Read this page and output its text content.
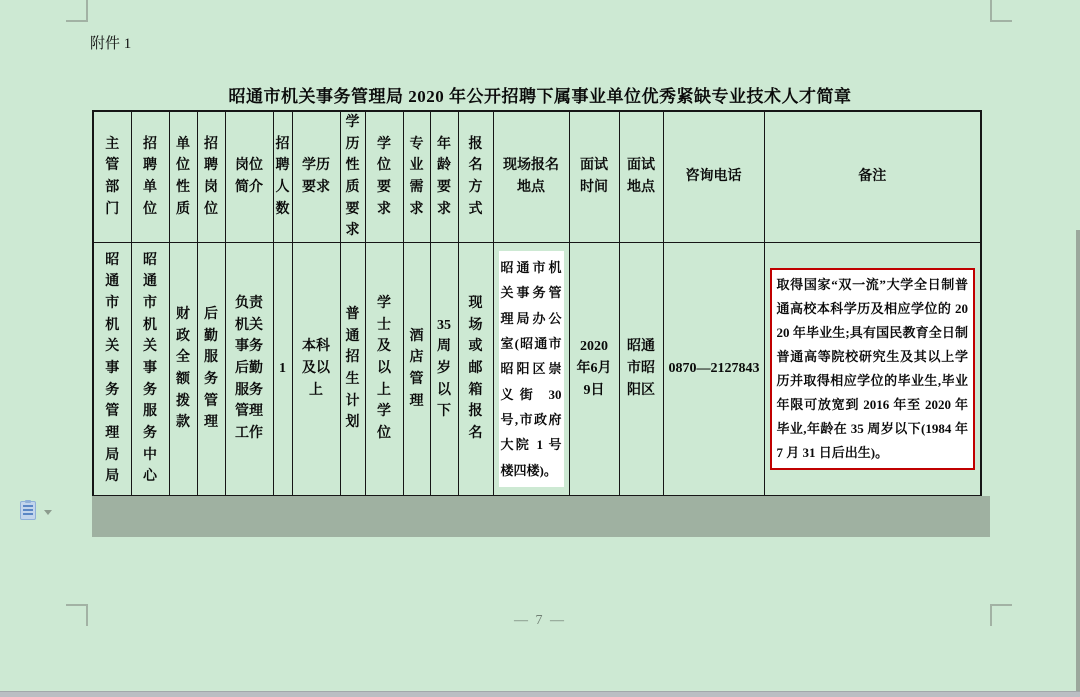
附件 1
昭通市机关事务管理局 2020 年公开招聘下属事业单位优秀紧缺专业技术人才简章
主管部门	招聘单位	单位性质	招聘岗位	岗位简介	招聘人数	学历要求	学历性质要求	学位要求	专业需求	年龄要求	报名方式	现场报名地点	面试时间	面试地点	咨询电话	备注
昭通市机关事务管理局局	昭通市机关事务服务中心	财政全额拨款	后勤服务管理	负责机关事务后勤服务管理工作	1	本科及以上	普通招生计划	学士及以上学位	酒店管理	35周岁以下	现场或邮箱报名	昭通市机关事务管理局办公室(昭通市昭阳区崇义街 30 号,市政府大院 1 号楼四楼)。	2020年6月9日	昭通市昭阳区	0870—2127843	取得国家“双一流”大学全日制普通高校本科学历及相应学位的 2020 年毕业生;具有国民教育全日制普通高等院校研究生及其以上学历并取得相应学位的毕业生,毕业年限可放宽到 2016 年至 2020 年毕业,年龄在 35 周岁以下(1984 年 7 月 31 日后出生)。
— 7 —
